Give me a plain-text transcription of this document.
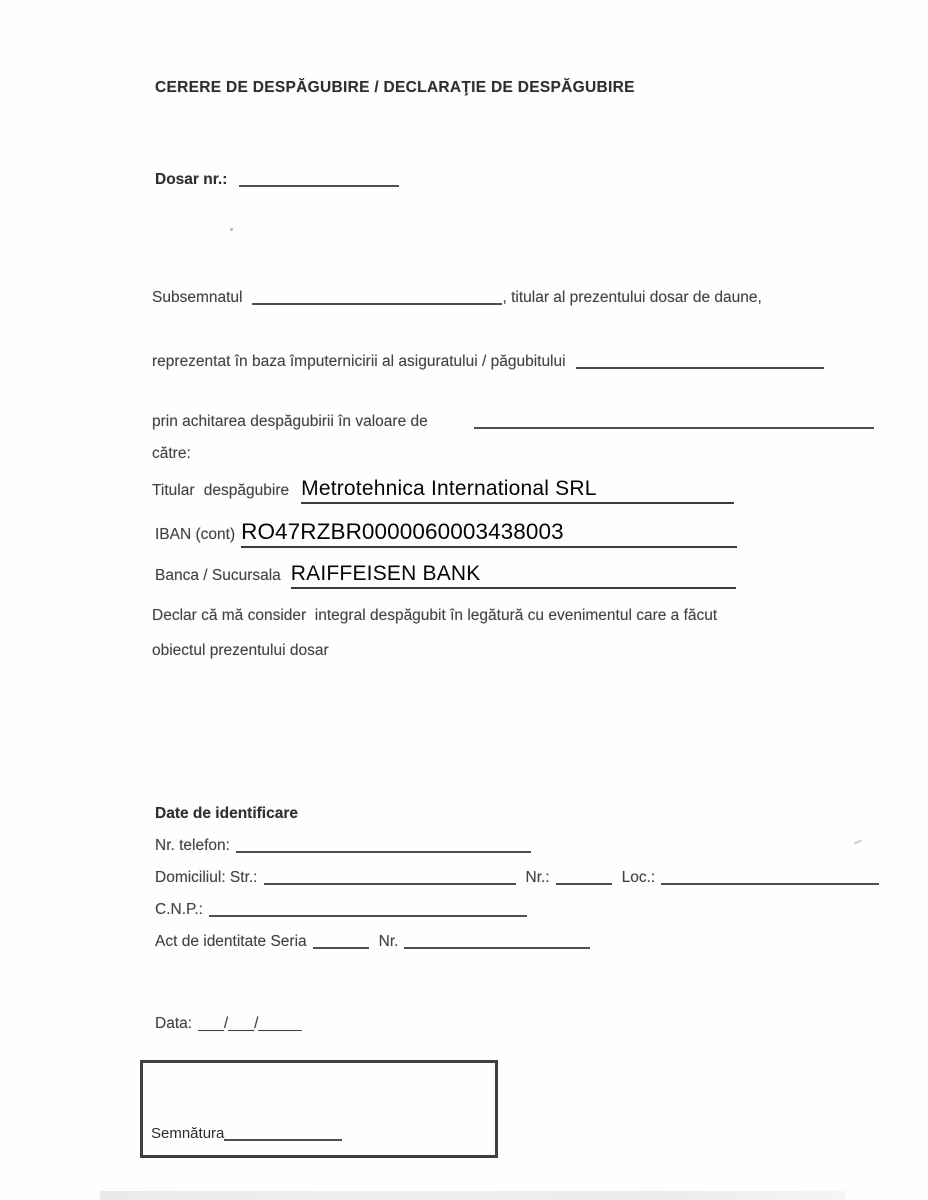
CERERE DE DESPĂGUBIRE / DECLARAŢIE DE DESPĂGUBIRE
Dosar nr.:
Subsemnatul	, titular al prezentului dosar de daune,
reprezentat în baza împuternicirii al asiguratului / păgubitului
prin achitarea despăgubirii în valoare de
către:
Titular despăgubire Metrotehnica International SRL
IBAN (cont) RO47RZBR0000060003438003
Banca / Sucursala RAIFFEISEN BANK
Declar că mă consider  integral despăgubit în legătură cu evenimentul care a făcut
obiectul prezentului dosar
Date de identificare
Nr. telefon:
Domiciliul: Str.:	Nr.:	Loc.:
C.N.P.:
Act de identitate Seria	Nr.
Data: ___/___/_____
Semnătura
